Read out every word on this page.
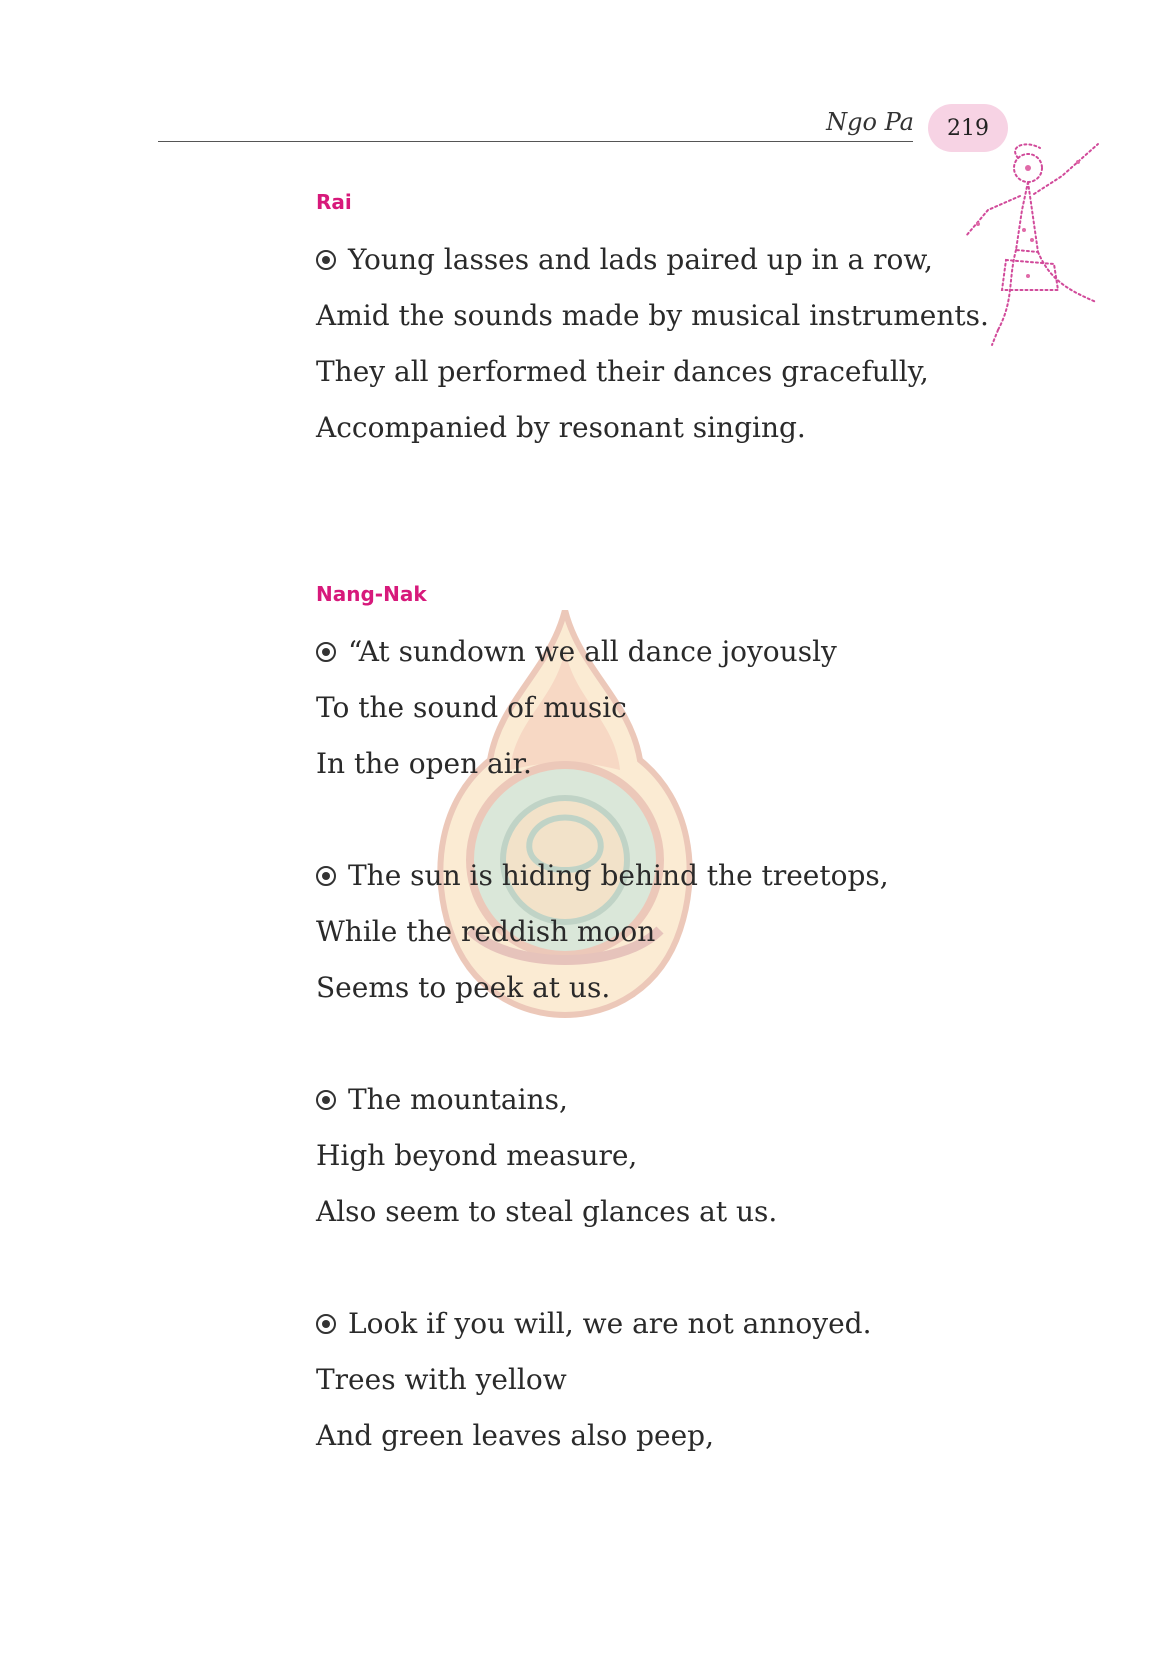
Ngo Pa 219
Rai
Young lasses and lads paired up in a row,
Amid the sounds made by musical instruments.
They all performed their dances gracefully,
Accompanied by resonant singing.
Nang-Nak
“At sundown we all dance joyously
To the sound of music
In the open air.
The sun is hiding behind the treetops,
While the reddish moon
Seems to peek at us.
The mountains,
High beyond measure,
Also seem to steal glances at us.
Look if you will, we are not annoyed.
Trees with yellow
And green leaves also peep,
